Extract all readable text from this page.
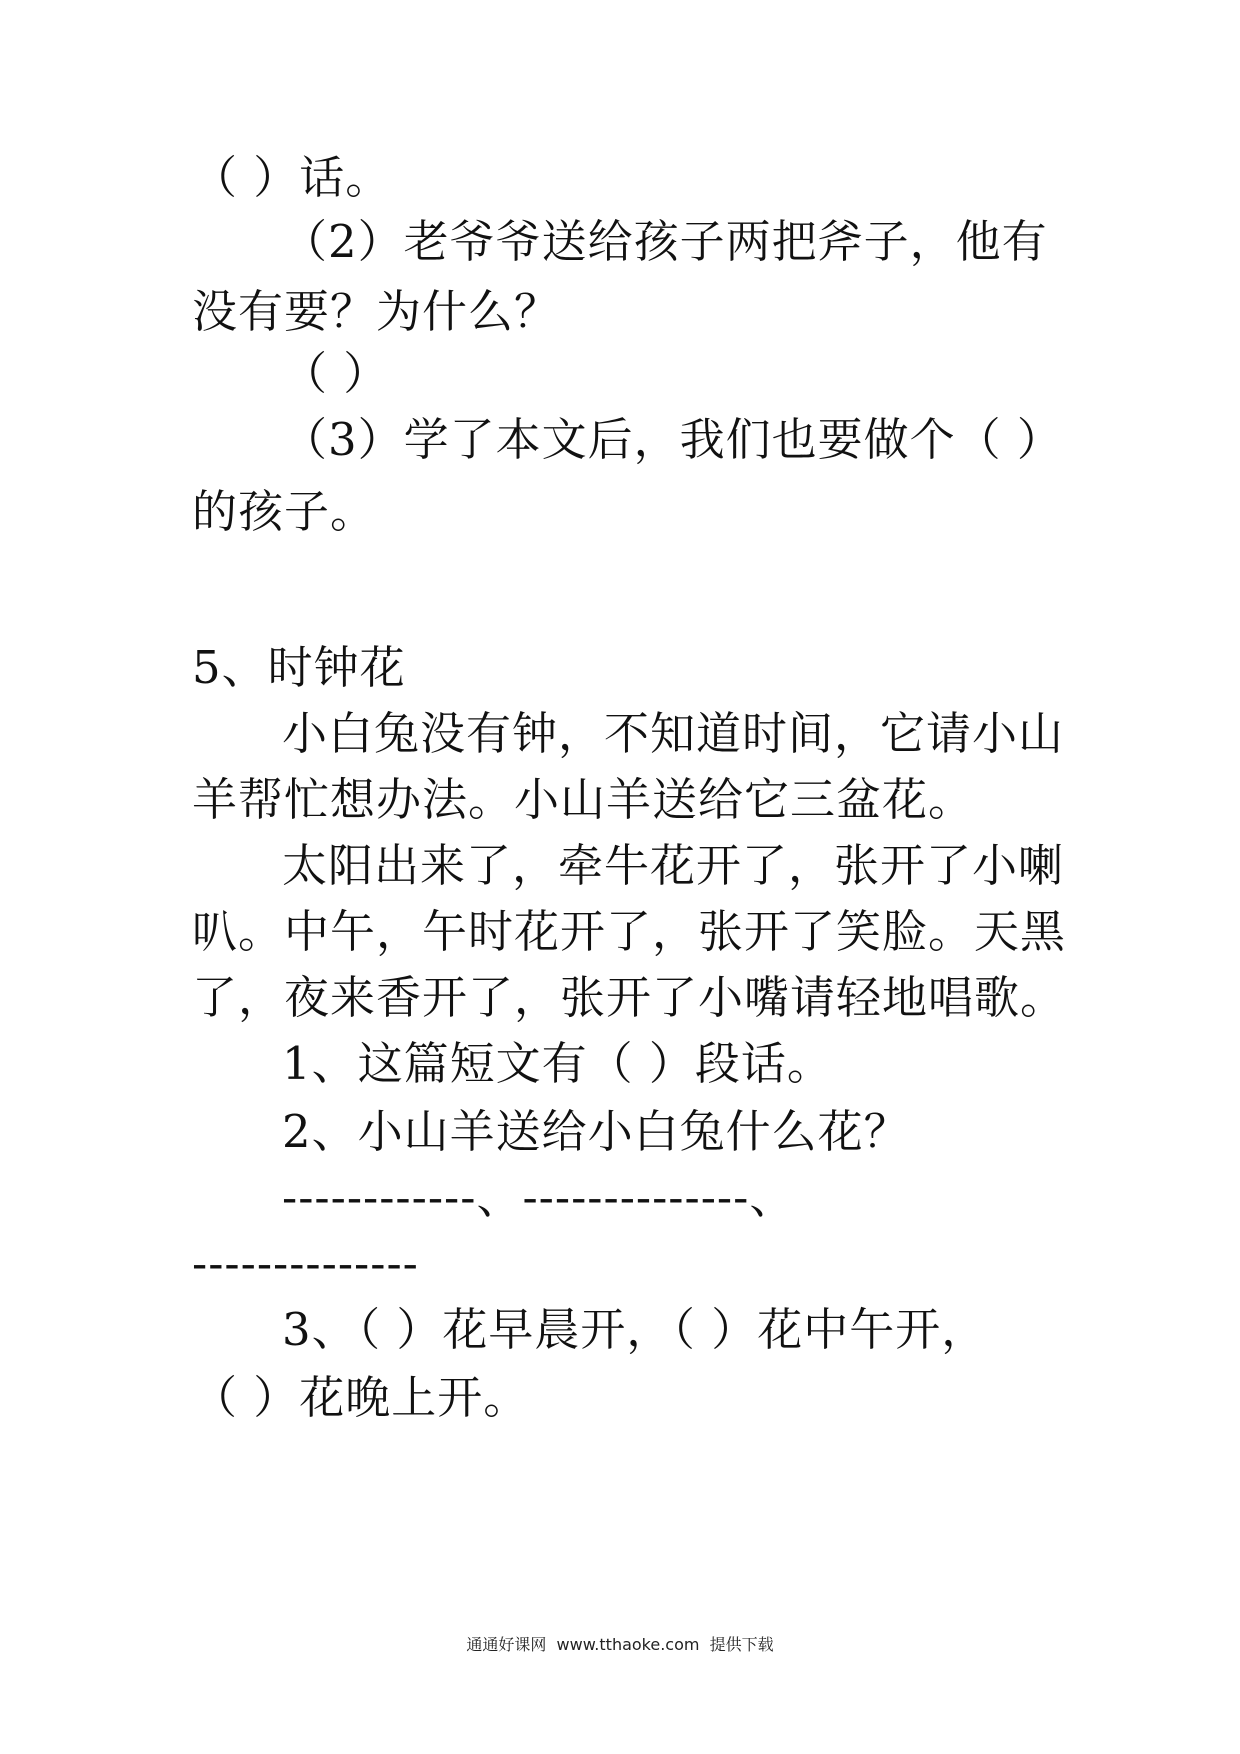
（ ）话。
（2）老爷爷送给孩子两把斧子，他有
没有要？为什么？
（ ）
（3）学了本文后，我们也要做个（ ）
的孩子。
5、时钟花
小白兔没有钟，不知道时间，它请小山
羊帮忙想办法。小山羊送给它三盆花。
太阳出来了，牵牛花开了，张开了小喇
叭。中午，午时花开了，张开了笑脸。天黑
了，夜来香开了，张开了小嘴请轻地唱歌。
1、这篇短文有（ ）段话。
2、小山羊送给小白兔什么花？
------------、--------------、
--------------
3、（ ）花早晨开，（ ）花中午开，
（ ）花晚上开。
通通好课网  www.tthaoke.com  提供下载
